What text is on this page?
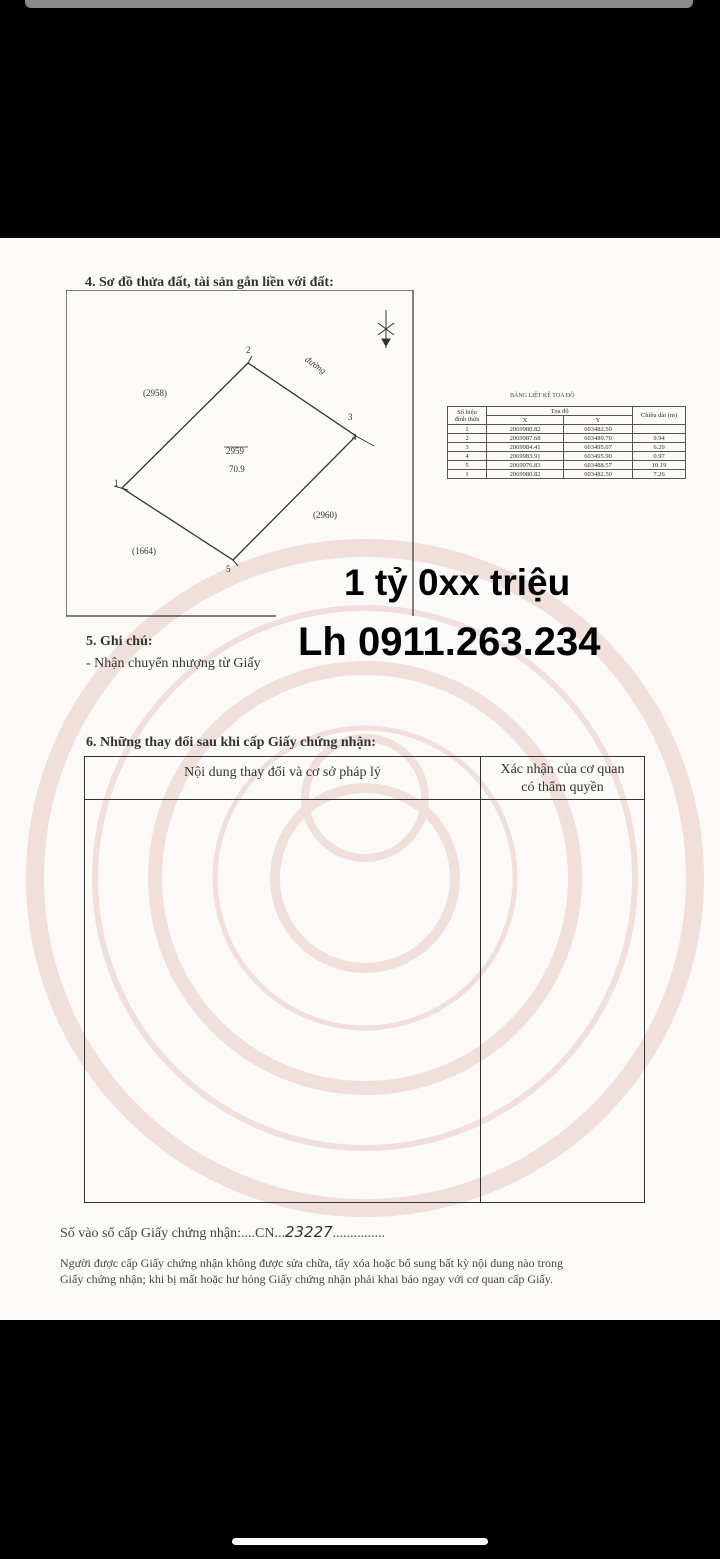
4. Sơ đồ thửa đất, tài sản gắn liền với đất:
đường
2959
70.9
(2958)
(2960)
(1664)
1
2
3
4
5
BẢNG LIỆT KÊ TỌA ĐỘ
Số hiệu đỉnh thửa	Tọa độ		Chiều dài (m)
	X	Y	
1	2069980.82	603482.50	
2	2069987.68	603489.70	9.94
3	2069984.41	603495.07	6.29
4	2069983.91	603495.90	0.97
5	2069976.83	603488.57	10.19
1	2069980.82	603482.50	7.26
1 tỷ 0xx triệu
Lh 0911.263.234
5. Ghi chú:
- Nhận chuyển nhượng từ Giấy
6. Những thay đổi sau khi cấp Giấy chứng nhận:
Nội dung thay đổi và cơ sở pháp lý	Xác nhận của cơ quan
có thẩm quyền
Số vào sổ cấp Giấy chứng nhận:....CN...23227...............
Người được cấp Giấy chứng nhận không được sửa chữa, tẩy xóa hoặc bổ sung bất kỳ nội dung nào trong
Giấy chứng nhận; khi bị mất hoặc hư hỏng Giấy chứng nhận phải khai báo ngay với cơ quan cấp Giấy.
